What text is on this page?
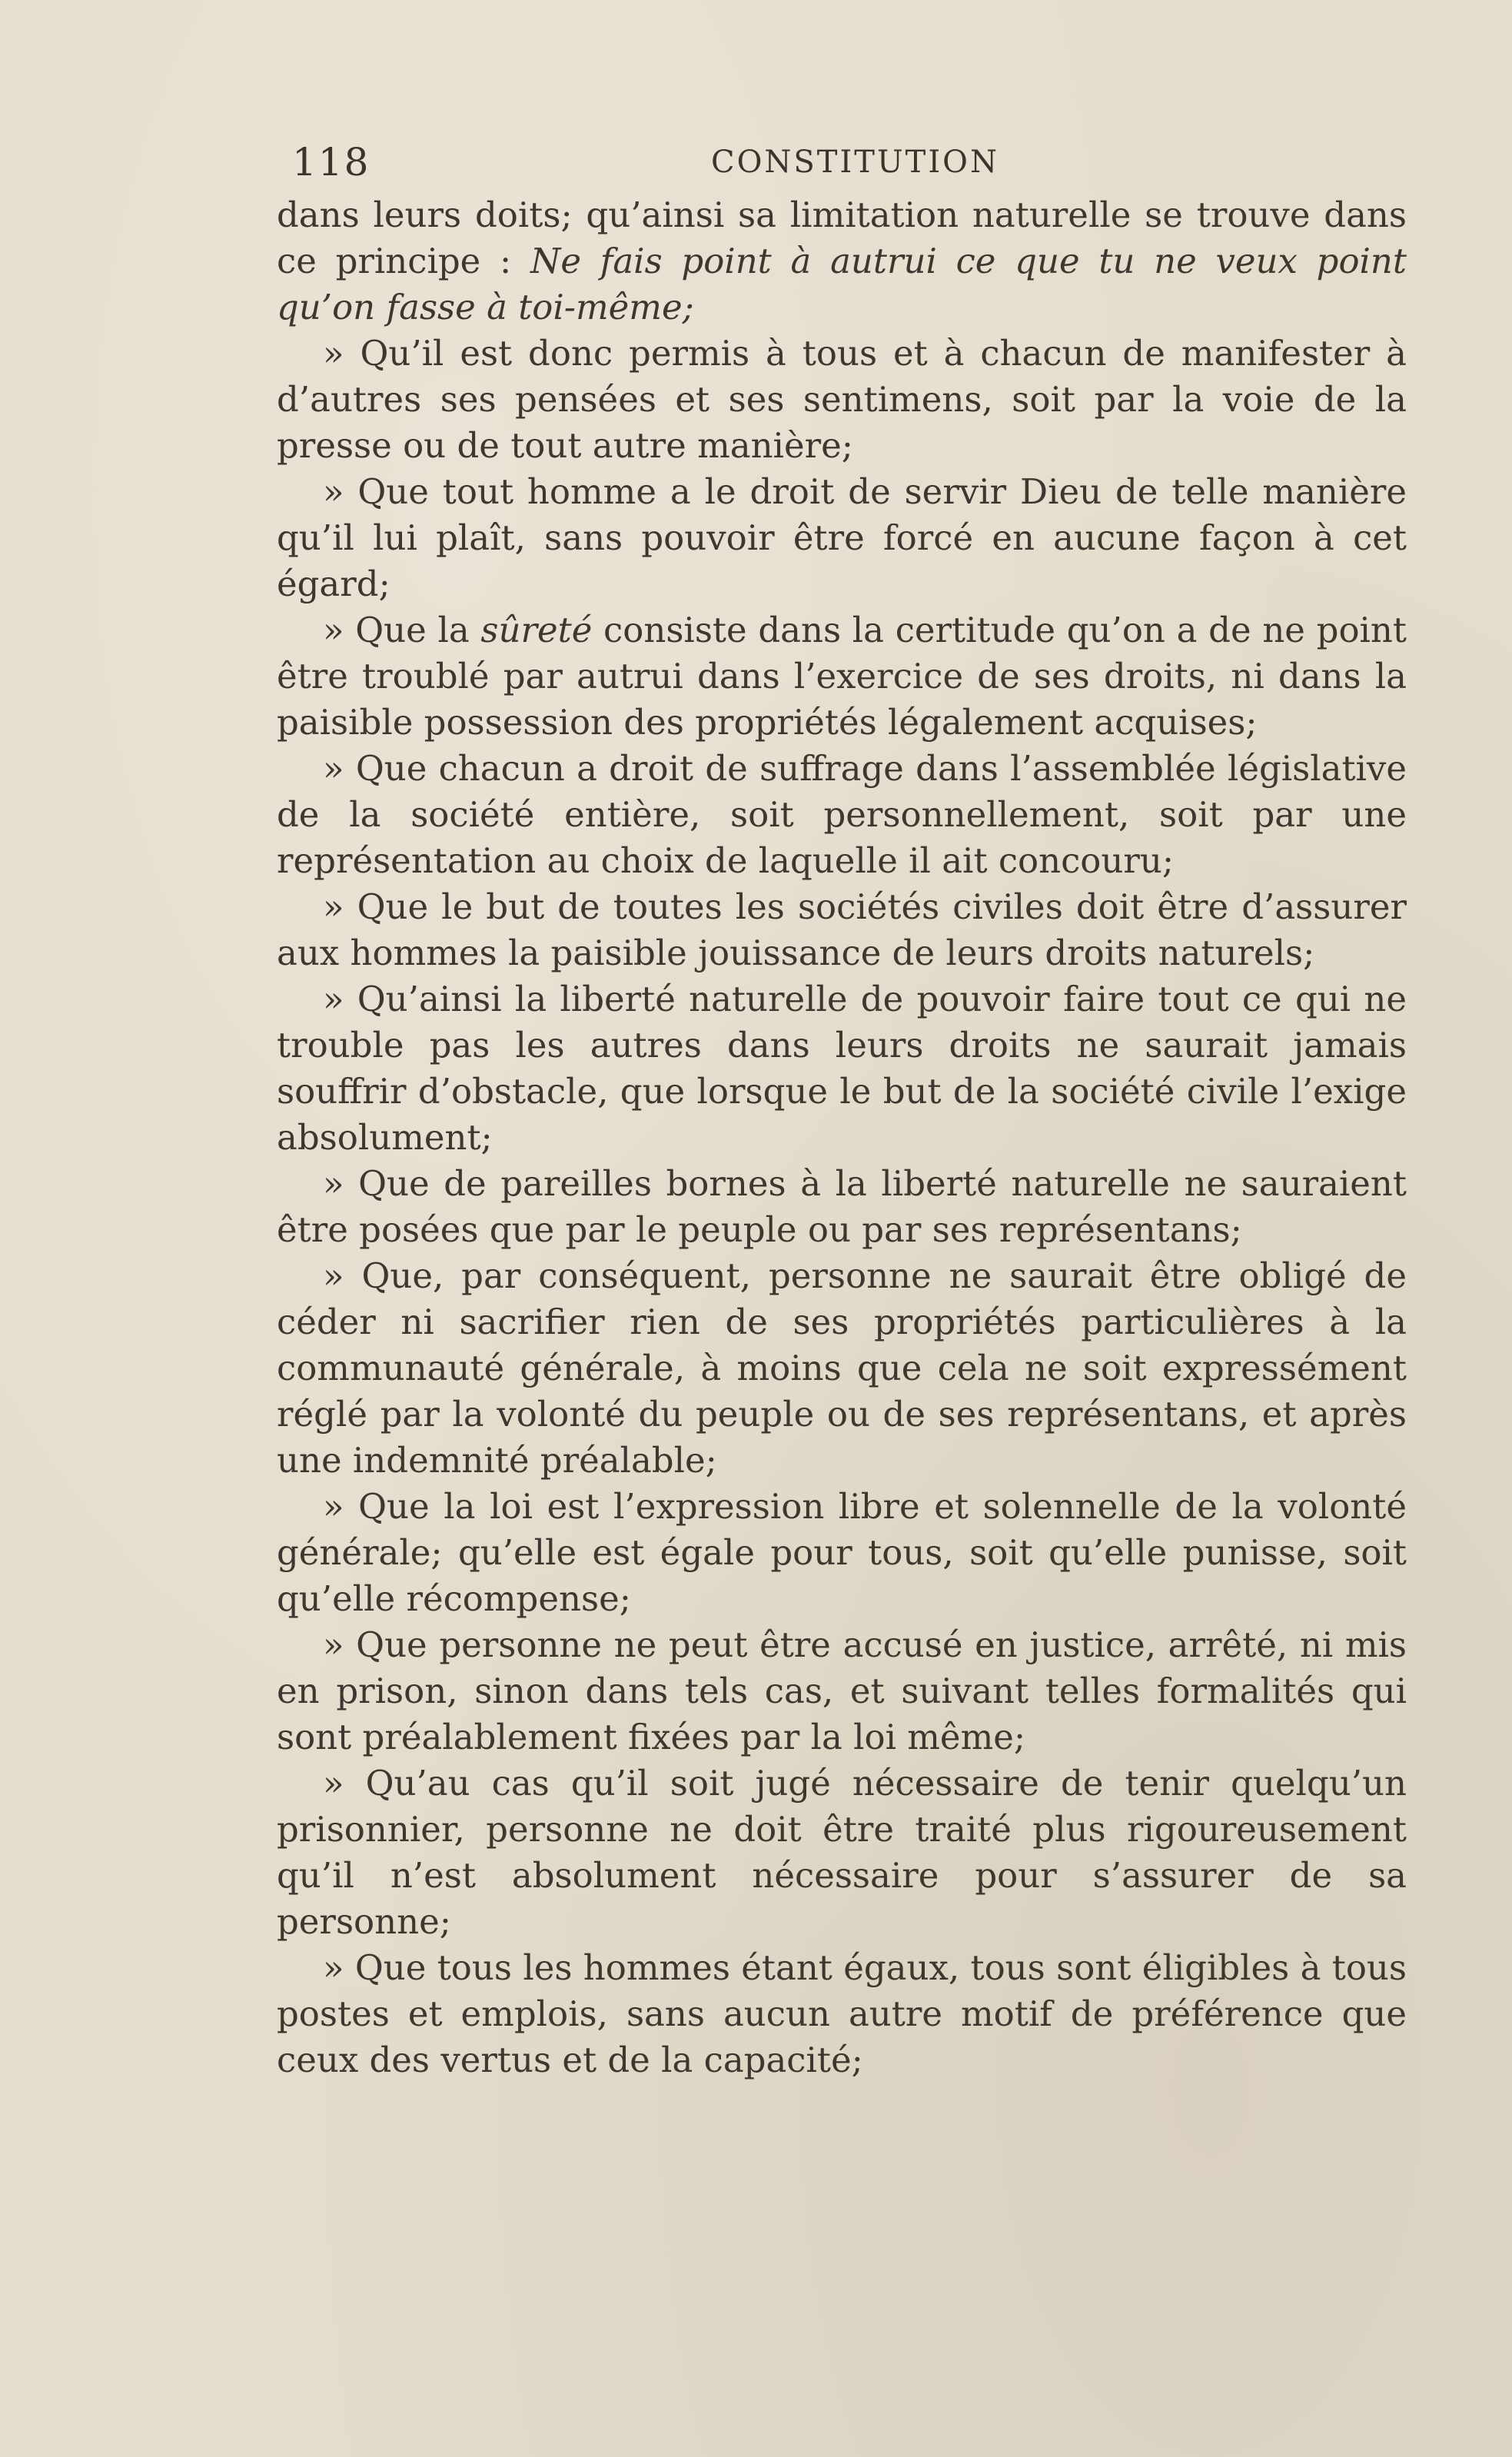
118	CONSTITUTION

dans leurs doits; qu’ainsi sa limitation naturelle se trouve dans ce principe : Ne fais point à autrui ce que tu ne veux point qu’on fasse à toi-même;

» Qu’il est donc permis à tous et à chacun de manifester à d’autres ses pensées et ses sentimens, soit par la voie de la presse ou de tout autre manière;

» Que tout homme a le droit de servir Dieu de telle manière qu’il lui plaît, sans pouvoir être forcé en aucune façon à cet égard;

» Que la sûreté consiste dans la certitude qu’on a de ne point être troublé par autrui dans l’exercice de ses droits, ni dans la paisible possession des propriétés légalement acquises;

» Que chacun a droit de suffrage dans l’assemblée législative de la société entière, soit personnellement, soit par une représentation au choix de laquelle il ait concouru;

» Que le but de toutes les sociétés civiles doit être d’assurer aux hommes la paisible jouissance de leurs droits naturels;

» Qu’ainsi la liberté naturelle de pouvoir faire tout ce qui ne trouble pas les autres dans leurs droits ne saurait jamais souffrir d’obstacle, que lorsque le but de la société civile l’exige absolument;

» Que de pareilles bornes à la liberté naturelle ne sauraient être posées que par le peuple ou par ses représentans;

» Que, par conséquent, personne ne saurait être obligé de céder ni sacrifier rien de ses propriétés particulières à la communauté générale, à moins que cela ne soit expressément réglé par la volonté du peuple ou de ses représentans, et après une indemnité préalable;

» Que la loi est l’expression libre et solennelle de la volonté générale; qu’elle est égale pour tous, soit qu’elle punisse, soit qu’elle récompense;

» Que personne ne peut être accusé en justice, arrêté, ni mis en prison, sinon dans tels cas, et suivant telles formalités qui sont préalablement fixées par la loi même;

» Qu’au cas qu’il soit jugé nécessaire de tenir quelqu’un prisonnier, personne ne doit être traité plus rigoureusement qu’il n’est absolument nécessaire pour s’assurer de sa personne;

» Que tous les hommes étant égaux, tous sont éligibles à tous postes et emplois, sans aucun autre motif de préférence que ceux des vertus et de la capacité;
